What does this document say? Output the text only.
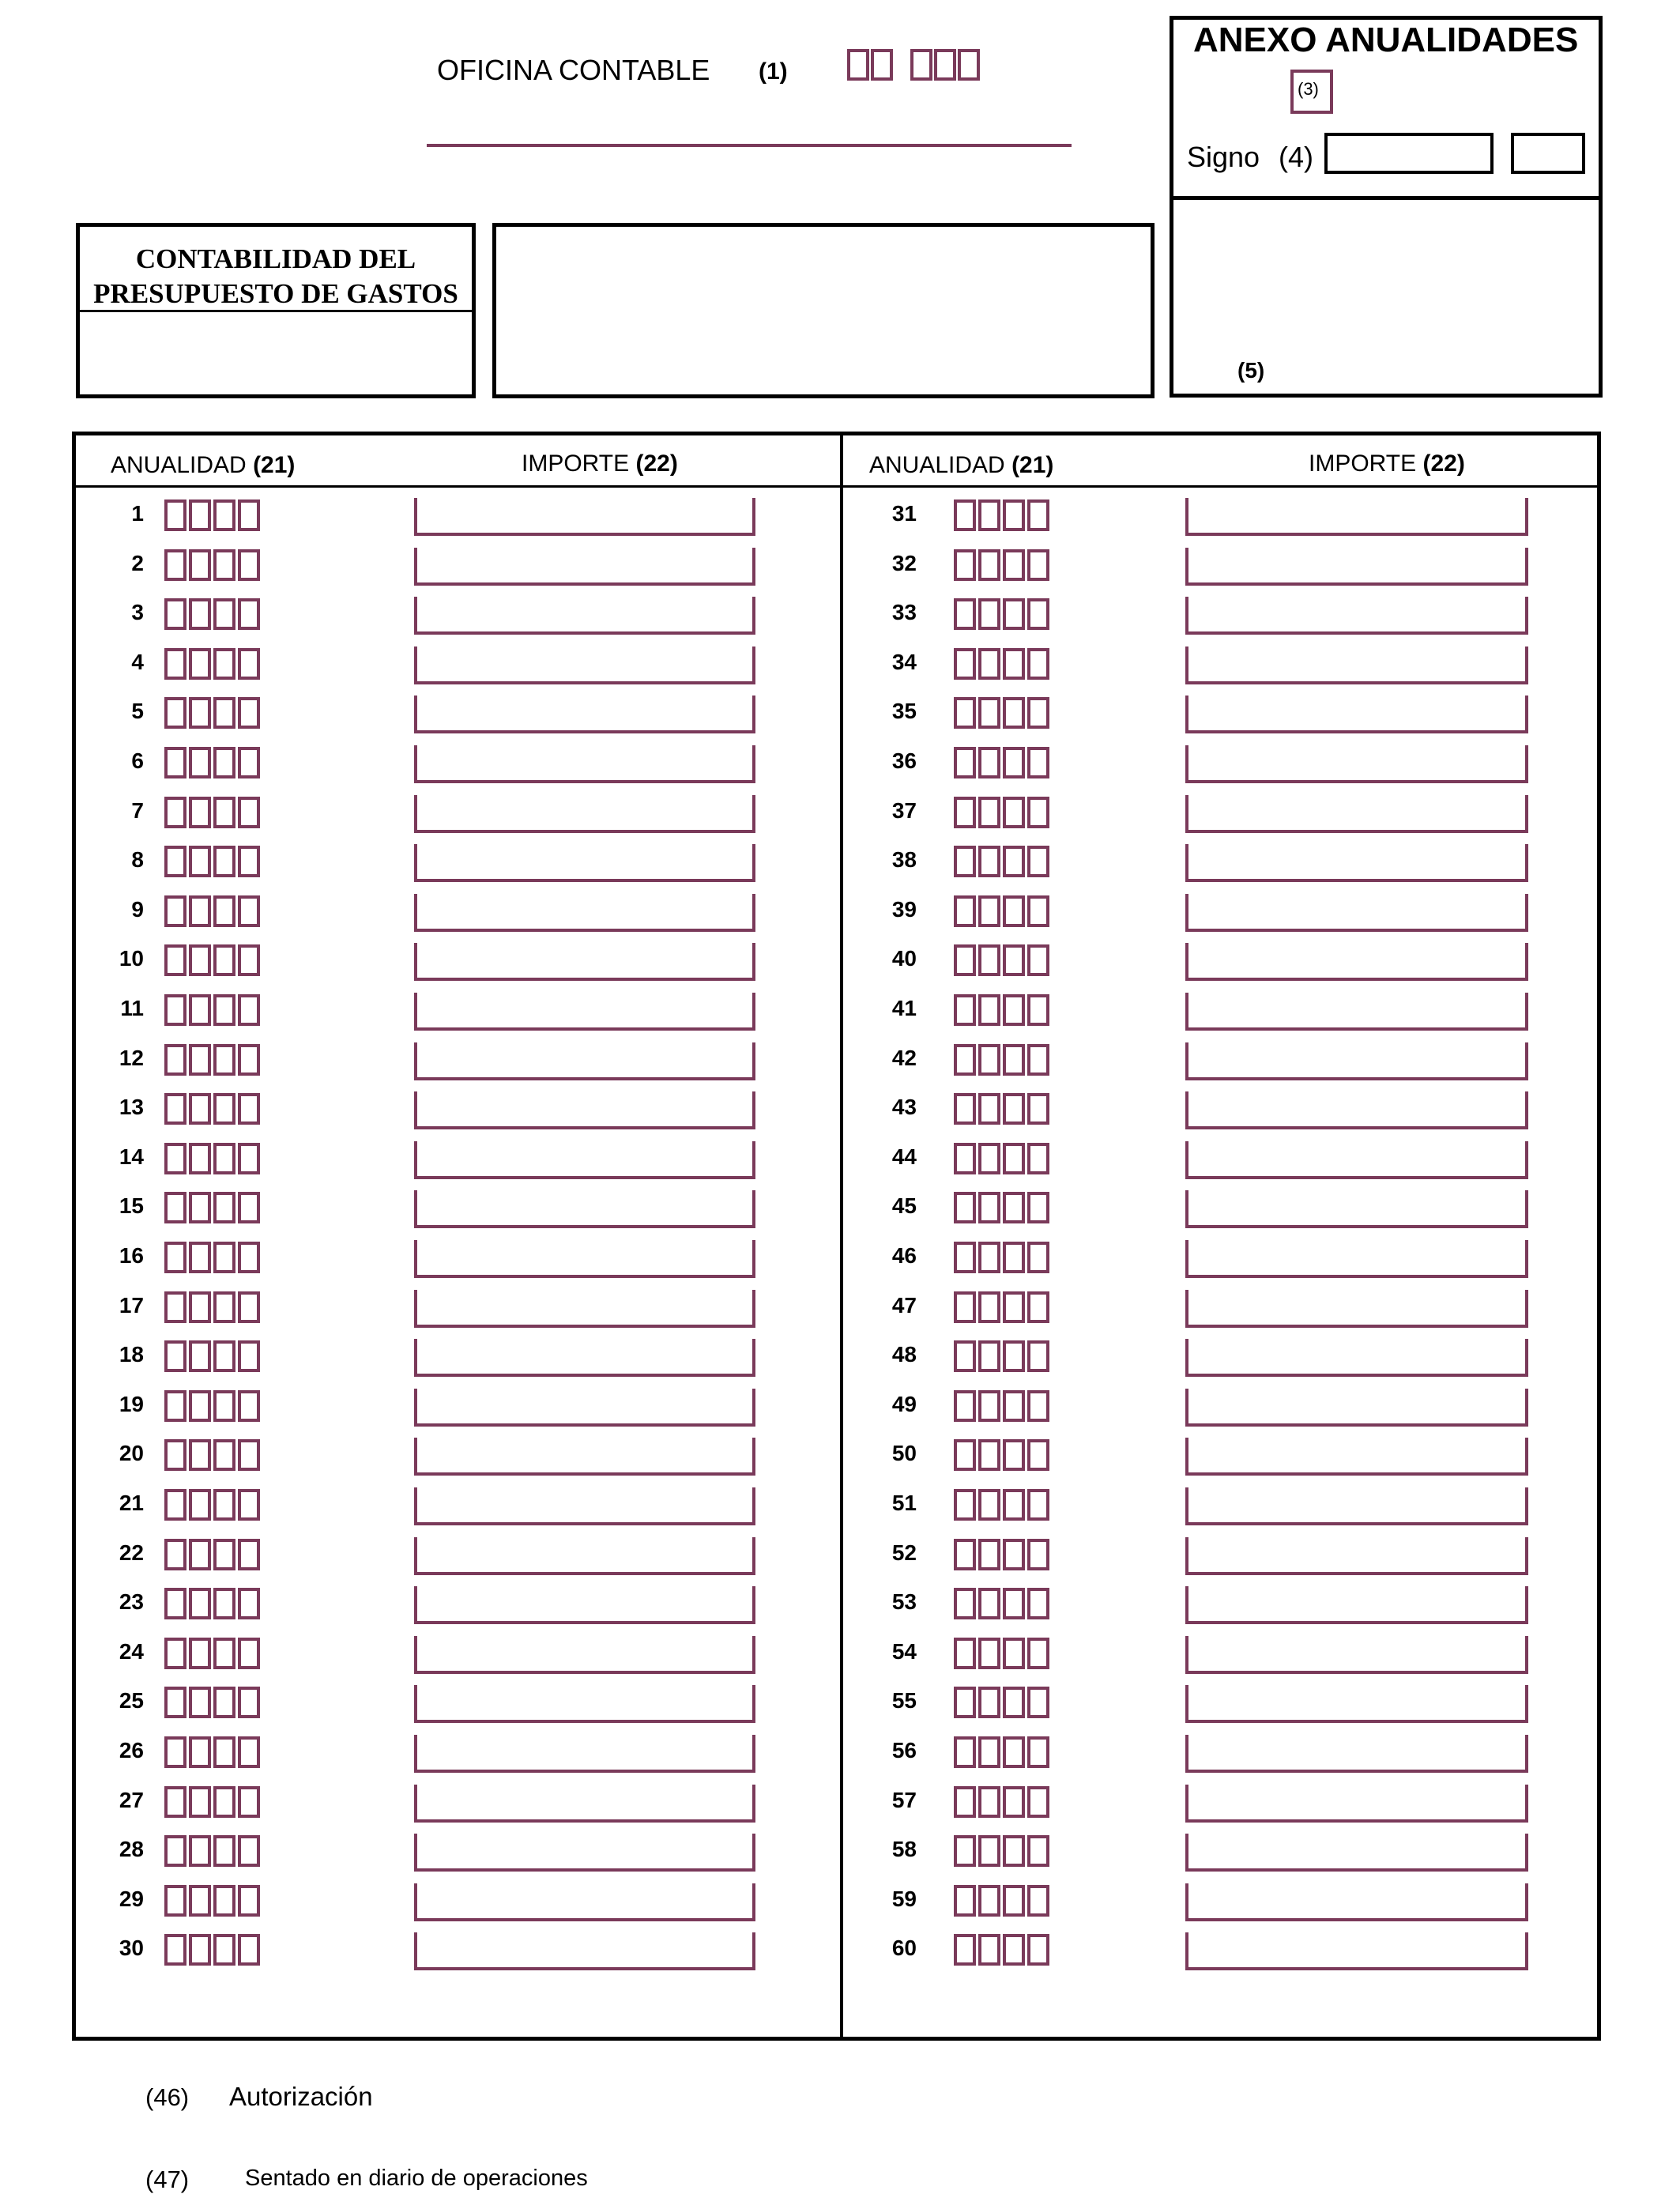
OFICINA CONTABLE (1)
ANEXO ANUALIDADES
(3)
Signo (4)
(5)
CONTABILIDAD DEL
PRESUPUESTO DE GASTOS
ANUALIDAD (21)	IMPORTE (22)	ANUALIDAD (21)	IMPORTE (22)
1
2
3
4
5
6
7
8
9
10
11
12
13
14
15
16
17
18
19
20
21
22
23
24
25
26
27
28
29
30
31
32
33
34
35
36
37
38
39
40
41
42
43
44
45
46
47
48
49
50
51
52
53
54
55
56
57
58
59
60
(46) Autorización
(47) Sentado en diario de operaciones
